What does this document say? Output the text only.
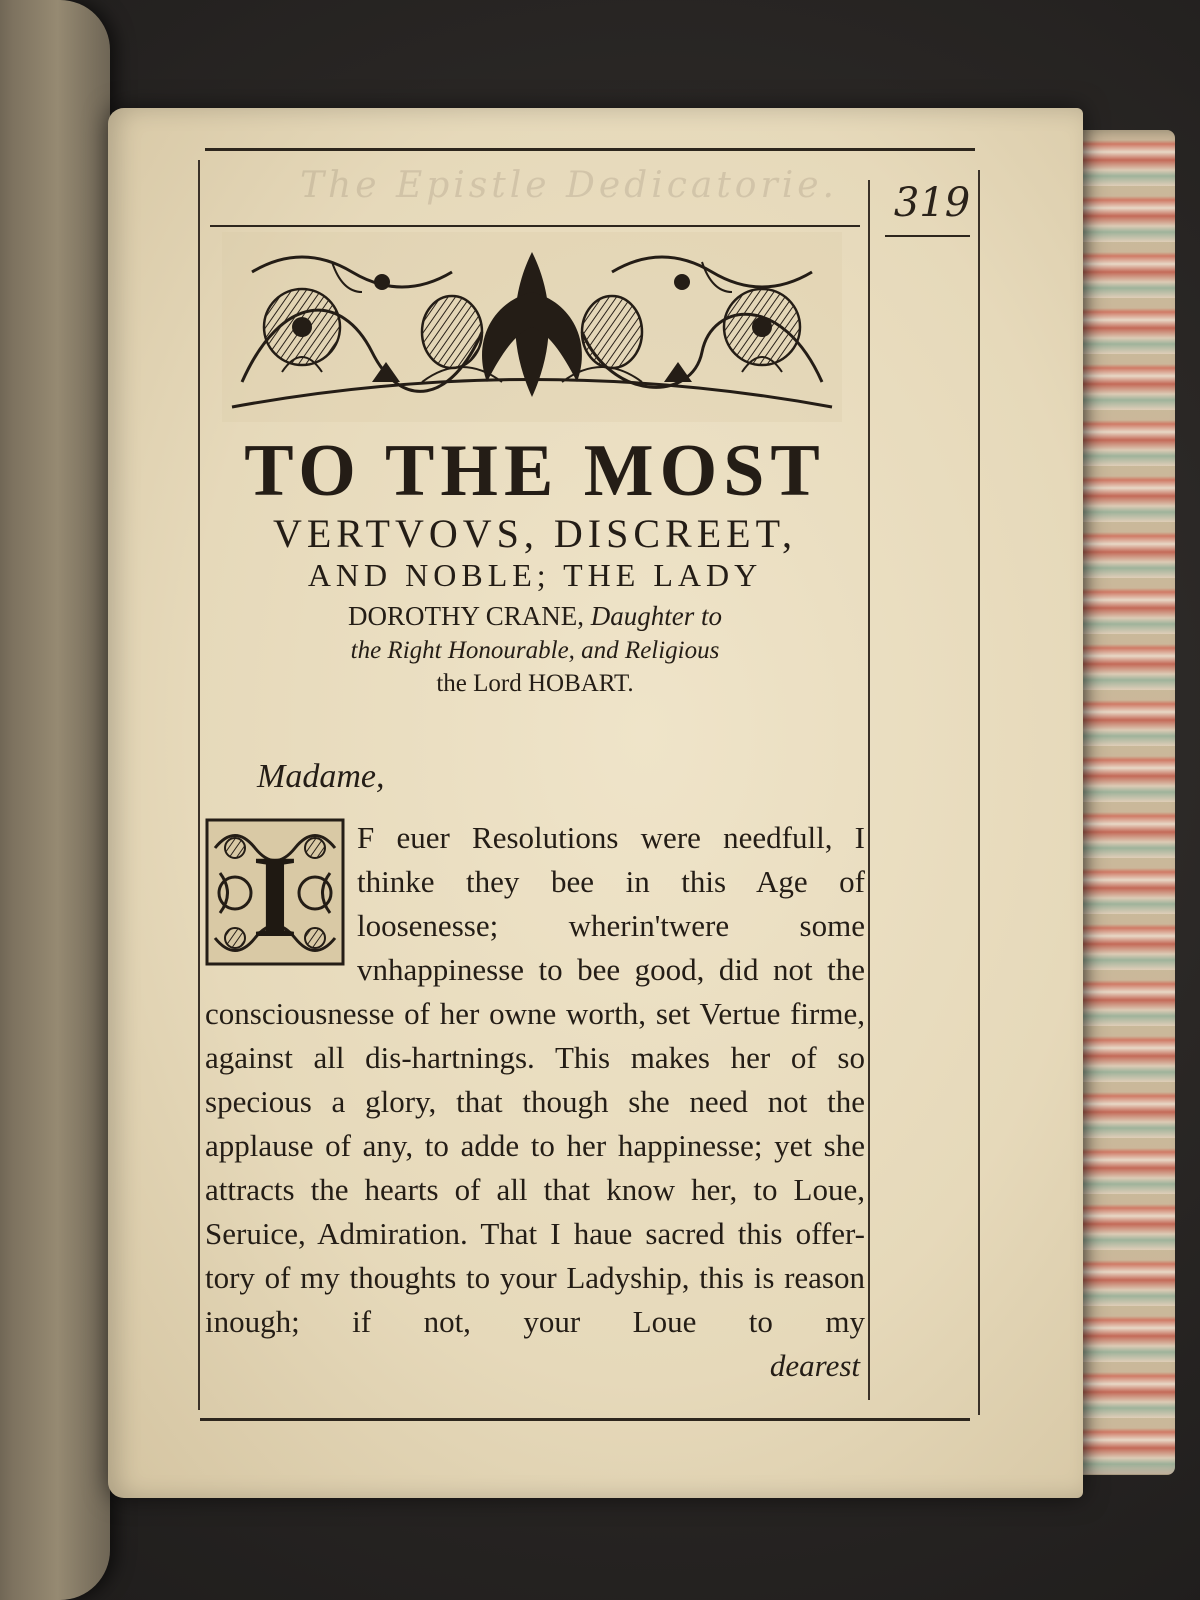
The Epistle Dedicatorie. 319

TO THE MOST

VERTVOVS, DISCREET,

AND NOBLE; THE LADY

DOROTHY CRANE, Daughter to

the Right Honourable, and Religious

the Lord HOBART.

Madame,
I	F euer Resolutions were needfull, I thinke they bee in this Age of loosenesse; wherin'twere some vnhappinesse to bee good, did not the consciousnesse of her owne worth, set Vertue firme, against all dis-hartnings. This makes her of so specious a glory, that though she need not the applause of any, to adde to her happinesse; yet she attracts the hearts of all that know her, to Loue, Seruice, Admiration. That I haue sacred this offer-tory of my thoughts to your Ladyship, this is reason inough; if not, your Loue to my

dearest
